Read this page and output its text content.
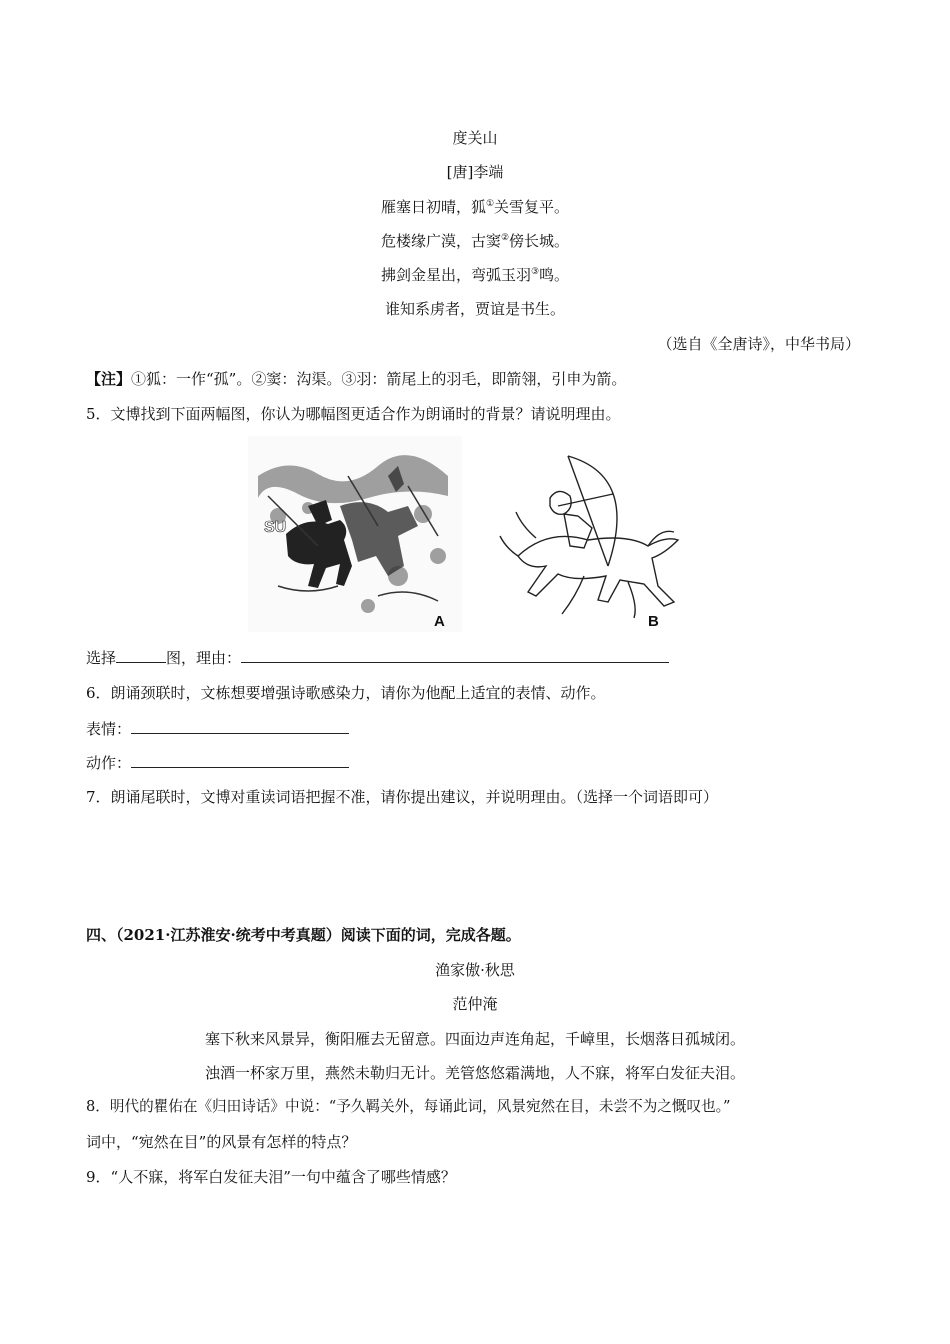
度关山
[唐]李端
雁塞日初晴，狐①关雪复平。
危楼缘广漠，古窦②傍长城。
拂剑金星出，弯弧玉羽③鸣。
谁知系虏者，贾谊是书生。
（选自《全唐诗》，中华书局）
【注】①狐：一作“孤”。②窦：沟渠。③羽：箭尾上的羽毛，即箭翎，引申为箭。
5．文博找到下面两幅图，你认为哪幅图更适合作为朗诵时的背景？请说明理由。
SU
A	B
选择	图，理由：
6．朗诵颈联时，文栋想要增强诗歌感染力，请你为他配上适宜的表情、动作。
表情：
动作：
7．朗诵尾联时，文博对重读词语把握不准，请你提出建议，并说明理由。（选择一个词语即可）
四、（2021·江苏淮安·统考中考真题）阅读下面的词，完成各题。
渔家傲·秋思
范仲淹
塞下秋来风景异，衡阳雁去无留意。四面边声连角起，千嶂里，长烟落日孤城闭。
浊酒一杯家万里，燕然未勒归无计。羌管悠悠霜满地，人不寐，将军白发征夫泪。
8．明代的瞿佑在《归田诗话》中说：“予久羁关外，每诵此词，风景宛然在目，未尝不为之慨叹也。”
词中，“宛然在目”的风景有怎样的特点？
9．“人不寐，将军白发征夫泪”一句中蕴含了哪些情感？
